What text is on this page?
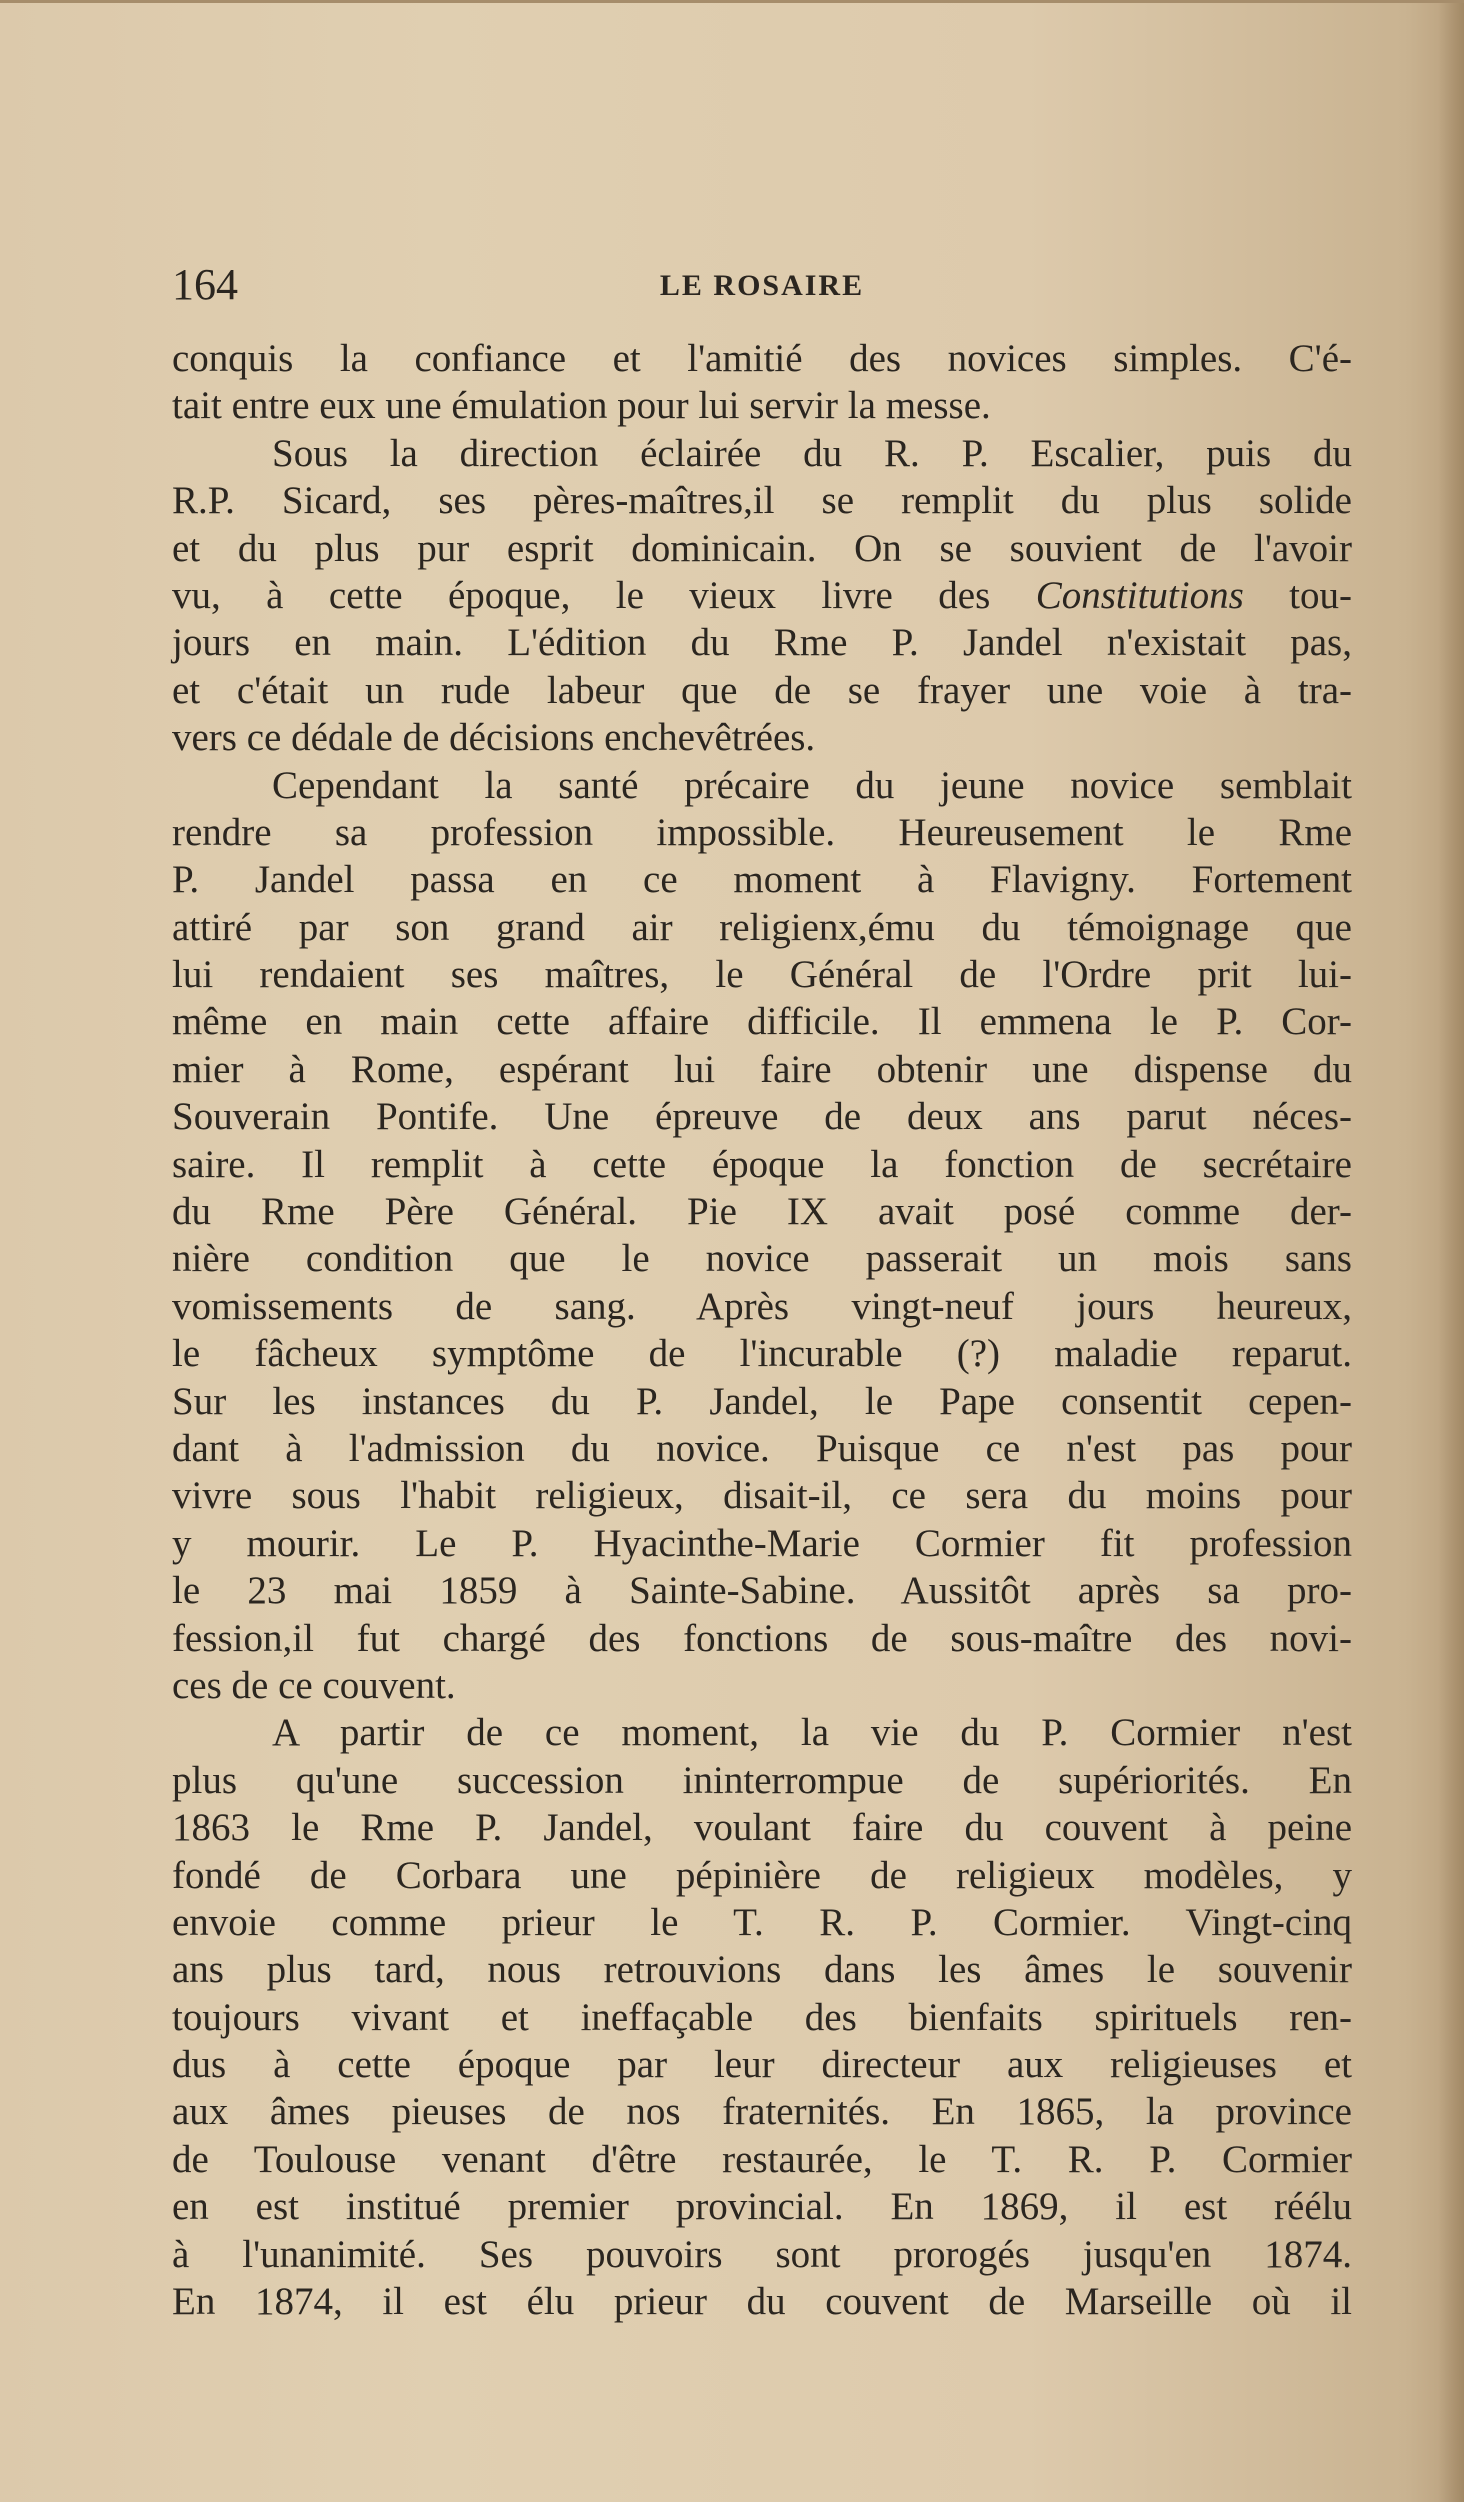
164	LE ROSAIRE
conquis la confiance et l'amitié des novices simples. C'é-
tait entre eux une émulation pour lui servir la messe.
Sous la direction éclairée du R. P. Escalier, puis du
R.P. Sicard, ses pères-maîtres,il se remplit du plus solide
et du plus pur esprit dominicain. On se souvient de l'avoir
vu, à cette époque, le vieux livre des Constitutions tou-
jours en main. L'édition du Rme P. Jandel n'existait pas,
et c'était un rude labeur que de se frayer une voie à tra-
vers ce dédale de décisions enchevêtrées.
Cependant la santé précaire du jeune novice semblait
rendre sa profession impossible. Heureusement le Rme
P. Jandel passa en ce moment à Flavigny. Fortement
attiré par son grand air religienx,ému du témoignage que
lui rendaient ses maîtres, le Général de l'Ordre prit lui-
même en main cette affaire difficile. Il emmena le P. Cor-
mier à Rome, espérant lui faire obtenir une dispense du
Souverain Pontife. Une épreuve de deux ans parut néces-
saire. Il remplit à cette époque la fonction de secrétaire
du Rme Père Général. Pie IX avait posé comme der-
nière condition que le novice passerait un mois sans
vomissements de sang. Après vingt-neuf jours heureux,
le fâcheux symptôme de l'incurable (?) maladie reparut.
Sur les instances du P. Jandel, le Pape consentit cepen-
dant à l'admission du novice. Puisque ce n'est pas pour
vivre sous l'habit religieux, disait-il, ce sera du moins pour
y mourir. Le P. Hyacinthe-Marie Cormier fit profession
le 23 mai 1859 à Sainte-Sabine. Aussitôt après sa pro-
fession,il fut chargé des fonctions de sous-maître des novi-
ces de ce couvent.
A partir de ce moment, la vie du P. Cormier n'est
plus qu'une succession ininterrompue de supériorités. En
1863 le Rme P. Jandel, voulant faire du couvent à peine
fondé de Corbara une pépinière de religieux modèles, y
envoie comme prieur le T. R. P. Cormier. Vingt-cinq
ans plus tard, nous retrouvions dans les âmes le souvenir
toujours vivant et ineffaçable des bienfaits spirituels ren-
dus à cette époque par leur directeur aux religieuses et
aux âmes pieuses de nos fraternités. En 1865, la province
de Toulouse venant d'être restaurée, le T. R. P. Cormier
en est institué premier provincial. En 1869, il est réélu
à l'unanimité. Ses pouvoirs sont prorogés jusqu'en 1874.
En 1874, il est élu prieur du couvent de Marseille où il
